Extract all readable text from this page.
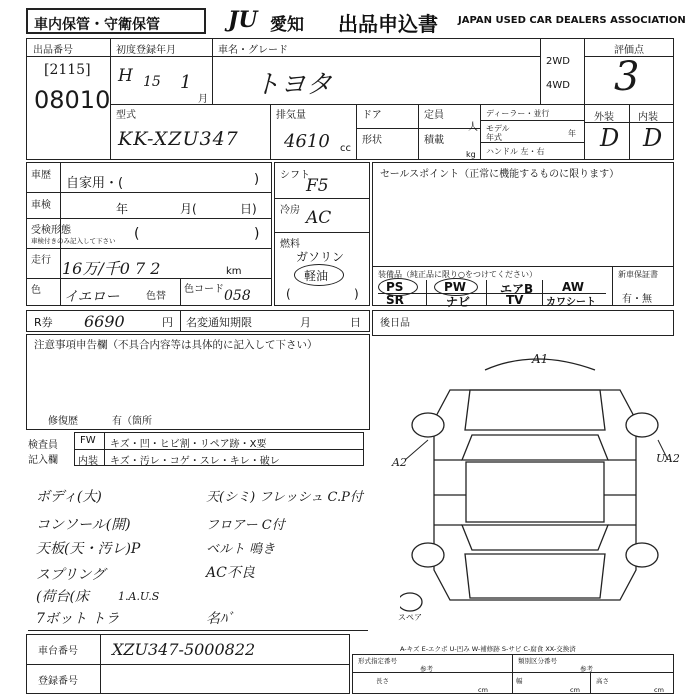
車内保管・守衛保管	JU 愛知 出品申込書 JAPAN USED CAR DEALERS ASSOCIATION
出品番号
[2115]
08010
初度登録年月
H 15 1
月
車名・グレード
トヨタ
2WD
4WD
評価点
3
型式
KK-XZU347
排気量
4610 cc
ドア
形状
定員
人
積載
kg
ディーラー・並行
モデル 年式	年
ハンドル 左・右
外装 内装
D D
車歴
自家用・(	)
車検	年	月(	日)
受検形態
車検付きのみ記入して下さい (	)
走行 16万/千0 7 2	km
色 イエロー	色替
色コード 058
シフト
F5
冷房 AC
燃料
ガソリン
軽油
(	)
セールスポイント（正常に機能するものに限ります）
装備品（純正品に限り○をつけてください）	新車保証書
有・無
PS	PW	エアB AW
SR	ナビ	TV カワシート
R券 6690	円 名変通知期限	月	日 後日品
注意事項申告欄（不具合内容等は具体的に記入して下さい）
修復歴	有（箇所
検査員
記入欄
FW キズ・凹・ヒビ割・リペア跡・X要
内装 キズ・汚レ・コゲ・スレ・キレ・破レ
ボディ(大)
コンソール(開)
天板(天・汚レ)P
スプリング
(荷台(床
7ボット トラ
天(シミ) フレッシュ C.P付
フロアー C付
ベルト 鳴き
AC不良
1.A.U.S
名ﾊﾞ
A1
A2	UA2
スペア
車台番号 XZU347-5000822
登録番号
A-キズ E-エクボ U-凹み W-補修跡 S-サビ C-腐食 XX-交換済
形式指定番号
参考
類別区分番号
参考
長さ
cm
幅
cm
高さ
cm
